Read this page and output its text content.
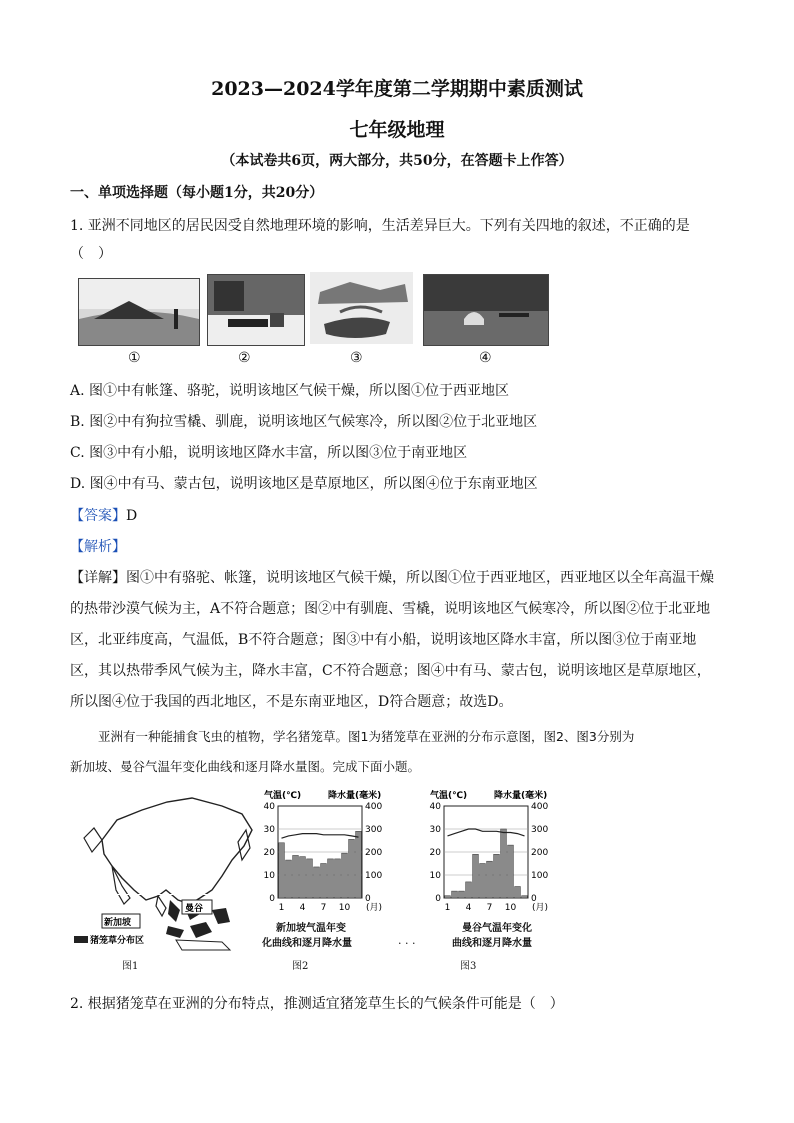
2023—2024学年度第二学期期中素质测试
七年级地理
（本试卷共6页，两大部分，共50分，在答题卡上作答）
一、单项选择题（每小题1分，共20分）
1. 亚洲不同地区的居民因受自然地理环境的影响，生活差异巨大。下列有关四地的叙述，不正确的是
（　）
①	②	③	④
A. 图①中有帐篷、骆驼，说明该地区气候干燥，所以图①位于西亚地区
B. 图②中有狗拉雪橇、驯鹿，说明该地区气候寒冷，所以图②位于北亚地区
C. 图③中有小船，说明该地区降水丰富，所以图③位于南亚地区
D. 图④中有马、蒙古包，说明该地区是草原地区，所以图④位于东南亚地区
【答案】D
【解析】
【详解】图①中有骆驼、帐篷，说明该地区气候干燥，所以图①位于西亚地区，西亚地区以全年高温干燥
的热带沙漠气候为主，A不符合题意；图②中有驯鹿、雪橇，说明该地区气候寒冷，所以图②位于北亚地
区，北亚纬度高，气温低，B不符合题意；图③中有小船，说明该地区降水丰富，所以图③位于南亚地
区，其以热带季风气候为主，降水丰富，C不符合题意；图④中有马、蒙古包，说明该地区是草原地区，
所以图④位于我国的西北地区，不是东南亚地区，D符合题意；故选D。
亚洲有一种能捕食飞虫的植物，学名猪笼草。图1为猪笼草在亚洲的分布示意图，图2、图3分别为
新加坡、曼谷气温年变化曲线和逐月降水量图。完成下面小题。
曼谷
新加坡
猪笼草分布区
图1
气温(℃)	降水量(毫米)
40
30
20
10
0
400
300
200
100
0
1 4 7 10 (月)
新加坡气温年变
化曲线和逐月降水量
图2
. . .
气温(℃)	降水量(毫米)
40
30
20
10
0
400
300
200
100
0
1 4 7 10 (月)
曼谷气温年变化
曲线和逐月降水量
图3
2. 根据猪笼草在亚洲的分布特点，推测适宜猪笼草生长的气候条件可能是（　）
